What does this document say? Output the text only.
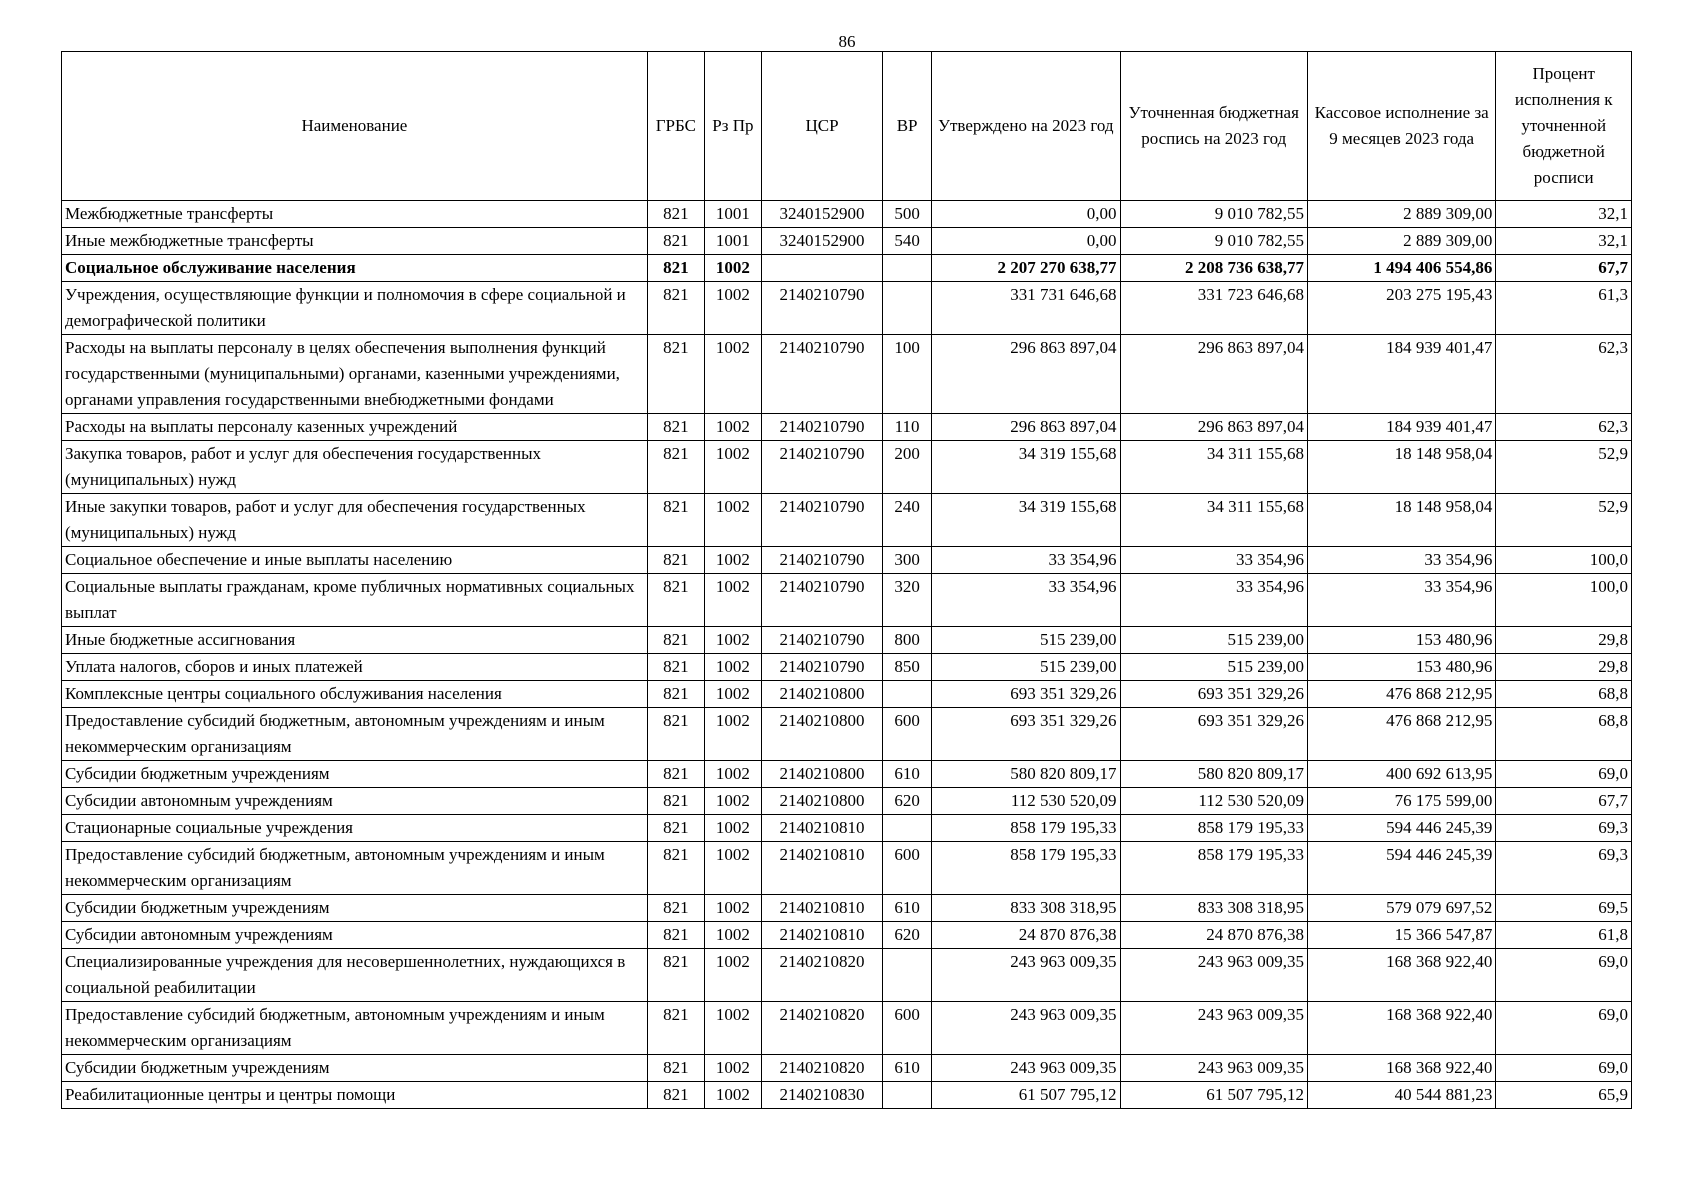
86
Наименование	ГРБС	Рз Пр	ЦСР	ВР	Утверждено на 2023 год	Уточненная бюджетная роспись на 2023 год	Кассовое исполнение за 9 месяцев 2023 года	Процент исполнения к уточненной бюджетной росписи
Межбюджетные трансферты	821	1001	3240152900	500	0,00	9 010 782,55	2 889 309,00	32,1
Иные межбюджетные трансферты	821	1001	3240152900	540	0,00	9 010 782,55	2 889 309,00	32,1
Социальное обслуживание населения	821	1002			2 207 270 638,77	2 208 736 638,77	1 494 406 554,86	67,7
Учреждения, осуществляющие функции и полномочия в сфере социальной и демографической политики	821	1002	2140210790		331 731 646,68	331 723 646,68	203 275 195,43	61,3
Расходы на выплаты персоналу в целях обеспечения выполнения функций государственными (муниципальными) органами, казенными учреждениями, органами управления государственными внебюджетными фондами	821	1002	2140210790	100	296 863 897,04	296 863 897,04	184 939 401,47	62,3
Расходы на выплаты персоналу казенных учреждений	821	1002	2140210790	110	296 863 897,04	296 863 897,04	184 939 401,47	62,3
Закупка товаров, работ и услуг для обеспечения государственных (муниципальных) нужд	821	1002	2140210790	200	34 319 155,68	34 311 155,68	18 148 958,04	52,9
Иные закупки товаров, работ и услуг для обеспечения государственных (муниципальных) нужд	821	1002	2140210790	240	34 319 155,68	34 311 155,68	18 148 958,04	52,9
Социальное обеспечение и иные выплаты населению	821	1002	2140210790	300	33 354,96	33 354,96	33 354,96	100,0
Социальные выплаты гражданам, кроме публичных нормативных социальных выплат	821	1002	2140210790	320	33 354,96	33 354,96	33 354,96	100,0
Иные бюджетные ассигнования	821	1002	2140210790	800	515 239,00	515 239,00	153 480,96	29,8
Уплата налогов, сборов и иных платежей	821	1002	2140210790	850	515 239,00	515 239,00	153 480,96	29,8
Комплексные центры социального обслуживания населения	821	1002	2140210800		693 351 329,26	693 351 329,26	476 868 212,95	68,8
Предоставление субсидий бюджетным, автономным учреждениям и иным некоммерческим организациям	821	1002	2140210800	600	693 351 329,26	693 351 329,26	476 868 212,95	68,8
Субсидии бюджетным учреждениям	821	1002	2140210800	610	580 820 809,17	580 820 809,17	400 692 613,95	69,0
Субсидии автономным учреждениям	821	1002	2140210800	620	112 530 520,09	112 530 520,09	76 175 599,00	67,7
Стационарные социальные учреждения	821	1002	2140210810		858 179 195,33	858 179 195,33	594 446 245,39	69,3
Предоставление субсидий бюджетным, автономным учреждениям и иным некоммерческим организациям	821	1002	2140210810	600	858 179 195,33	858 179 195,33	594 446 245,39	69,3
Субсидии бюджетным учреждениям	821	1002	2140210810	610	833 308 318,95	833 308 318,95	579 079 697,52	69,5
Субсидии автономным учреждениям	821	1002	2140210810	620	24 870 876,38	24 870 876,38	15 366 547,87	61,8
Специализированные учреждения для несовершеннолетних, нуждающихся в социальной реабилитации	821	1002	2140210820		243 963 009,35	243 963 009,35	168 368 922,40	69,0
Предоставление субсидий бюджетным, автономным учреждениям и иным некоммерческим организациям	821	1002	2140210820	600	243 963 009,35	243 963 009,35	168 368 922,40	69,0
Субсидии бюджетным учреждениям	821	1002	2140210820	610	243 963 009,35	243 963 009,35	168 368 922,40	69,0
Реабилитационные центры и центры помощи	821	1002	2140210830		61 507 795,12	61 507 795,12	40 544 881,23	65,9
